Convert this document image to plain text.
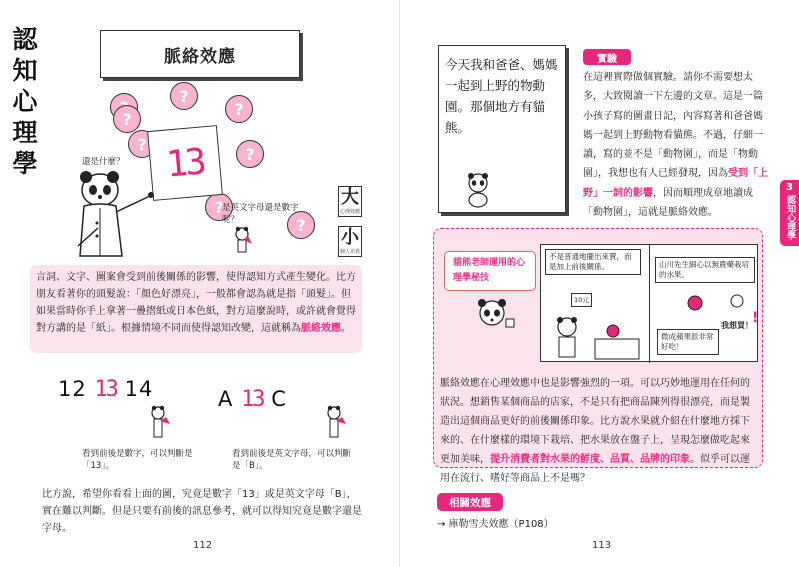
認
知
心
理
學
脈絡效應
?
?
?
?
?
?
?
13
還是什麼？
是英文字母還是數字呢？
大
心理效應
小
個人差異
言詞、文字、圖案會受到前後關係的影響，使得認知方式產生變化。比方朋友看著你的頭髮說：「顏色好漂亮」，一般都會認為就是指「頭髮」。但如果當時你手上拿著一疊摺紙或日本色紙，對方這麼說時，或許就會覺得對方講的是「紙」。根據情境不同而使得認知改變，這就稱為脈絡效應。
12 13 14	A 13 C
看到前後是數字，可以判斷是「13」。
看到前後是英文字母，可以判斷是「B」。
比方說，希望你看看上面的圖，究竟是數字「13」或是英文字母「B」，實在難以判斷。但是只要有前後的訊息參考，就可以得知究竟是數字還是字母。
112
今天我和爸爸、媽媽一起到上野的物動園。那個地方有貓熊。
實驗
在這裡實際做個實驗。請你不需要想太多，大致閱讀一下左邊的文章。這是一篇小孩子寫的圖畫日記，內容寫著和爸爸媽媽一起到上野動物看貓熊。不過，仔細一讀，寫的並不是「動物園」，而是「物動園」，我想也有人已經發現，因為受到「上野」一詞的影響，因而順理成章地讀成「動物園」，這就是脈絡效應。
3
認知心理學
貓熊老師運用的心理學秘技
不是普通地擺出來賣，而是加上前後關係。
10元
山川先生細心以無農藥栽培的水果。
我想買！ !
微成蘋果派非常好吃！
脈絡效應在心理效應中也是影響強烈的一項。可以巧妙地運用在任何的狀況。想銷售某個商品的店家，不是只有把商品陳列得很漂亮，而是製造出這個商品更好的前後關係印象。比方說水果就介紹在什麼地方採下來的、在什麼樣的環境下栽培、把水果放在盤子上，呈現怎麼做吃起來更加美味，提升消費者對水果的鮮度、品質、品牌的印象。似乎可以運用在流行、嗜好等商品上不是嗎？
相關效應
→ 庫勒雪夫效應（P108）
113
